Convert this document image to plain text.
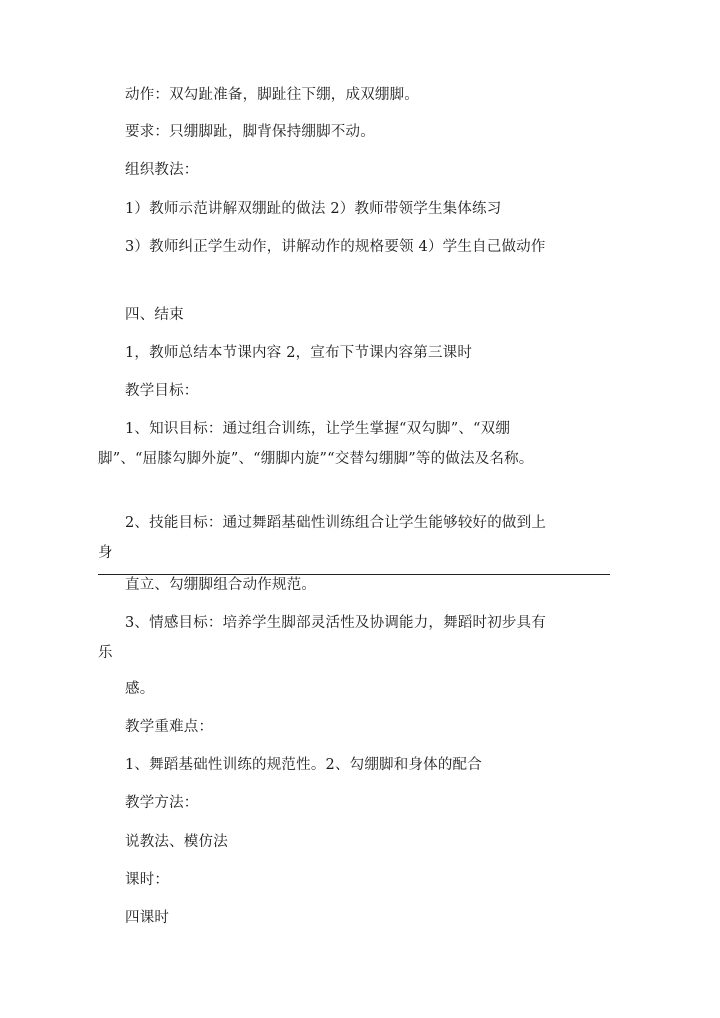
动作：双勾趾准备，脚趾往下绷，成双绷脚。
要求：只绷脚趾，脚背保持绷脚不动。
组织教法：
1）教师示范讲解双绷趾的做法 2）教师带领学生集体练习
3）教师纠正学生动作，讲解动作的规格要领 4）学生自己做动作
四、结束
1，教师总结本节课内容 2，宣布下节课内容第三课时
教学目标：
1、知识目标：通过组合训练，让学生掌握“双勾脚”、“双绷脚”、“屈膝勾脚外旋”、“绷脚内旋”“交替勾绷脚”等的做法及名称。
2、技能目标：通过舞蹈基础性训练组合让学生能够较好的做到上身
直立、勾绷脚组合动作规范。
3、情感目标：培养学生脚部灵活性及协调能力，舞蹈时初步具有乐
感。
教学重难点：
1、舞蹈基础性训练的规范性。2、勾绷脚和身体的配合
教学方法：
说教法、模仿法
课时：
四课时
